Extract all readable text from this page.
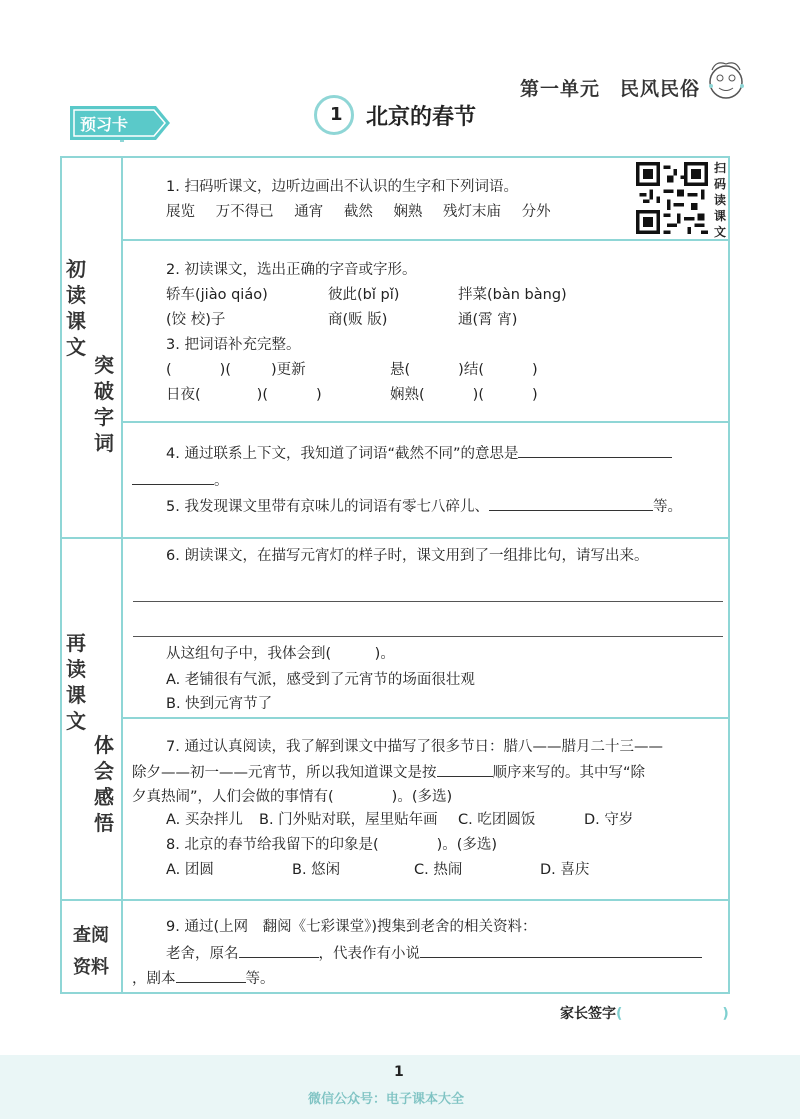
第一单元　民风民俗
预习卡	1 北京的春节
初读课文
突破字词
再读课文
体会感悟
查阅
资料
扫
码
读
课
文
1. 扫码听课文，边听边画出不认识的生字和下列词语。
展览 万不得已 通宵 截然 娴熟 残灯末庙 分外
2. 初读课文，选出正确的字音或字形。
轿车(jiào qiáo)	彼此(bǐ pǐ)	拌菜(bàn bàng)
(饺 校)子	商(贩 版)	通(霄 宵)
3. 把词语补充完整。
(	)(	)更新	悬(	)结(	)
日夜(	)(	)	娴熟(	)(	)
4. 通过联系上下文，我知道了词语“截然不同”的意思是
。
5. 我发现课文里带有京味儿的词语有零七八碎儿、	等。
6. 朗读课文，在描写元宵灯的样子时，课文用到了一组排比句，请写出来。
从这组句子中，我体会到(　　　)。
A. 老铺很有气派，感受到了元宵节的场面很壮观
B. 快到元宵节了
7. 通过认真阅读，我了解到课文中描写了很多节日：腊八——腊月二十三——
除夕——初一——元宵节，所以我知道课文是按	顺序来写的。其中写“除
夕真热闹”，人们会做的事情有(　　　　)。(多选)
A. 买杂拌儿 B. 门外贴对联，屋里贴年画 C. 吃团圆饭	D. 守岁
8. 北京的春节给我留下的印象是(　　　　)。(多选)
A. 团圆	B. 悠闲	C. 热闹	D. 喜庆
9. 通过(上网　翻阅《七彩课堂》)搜集到老舍的相关资料：
老舍，原名	，代表作有小说
，剧本	等。
家长签字(	)
1
微信公众号：电子课本大全
